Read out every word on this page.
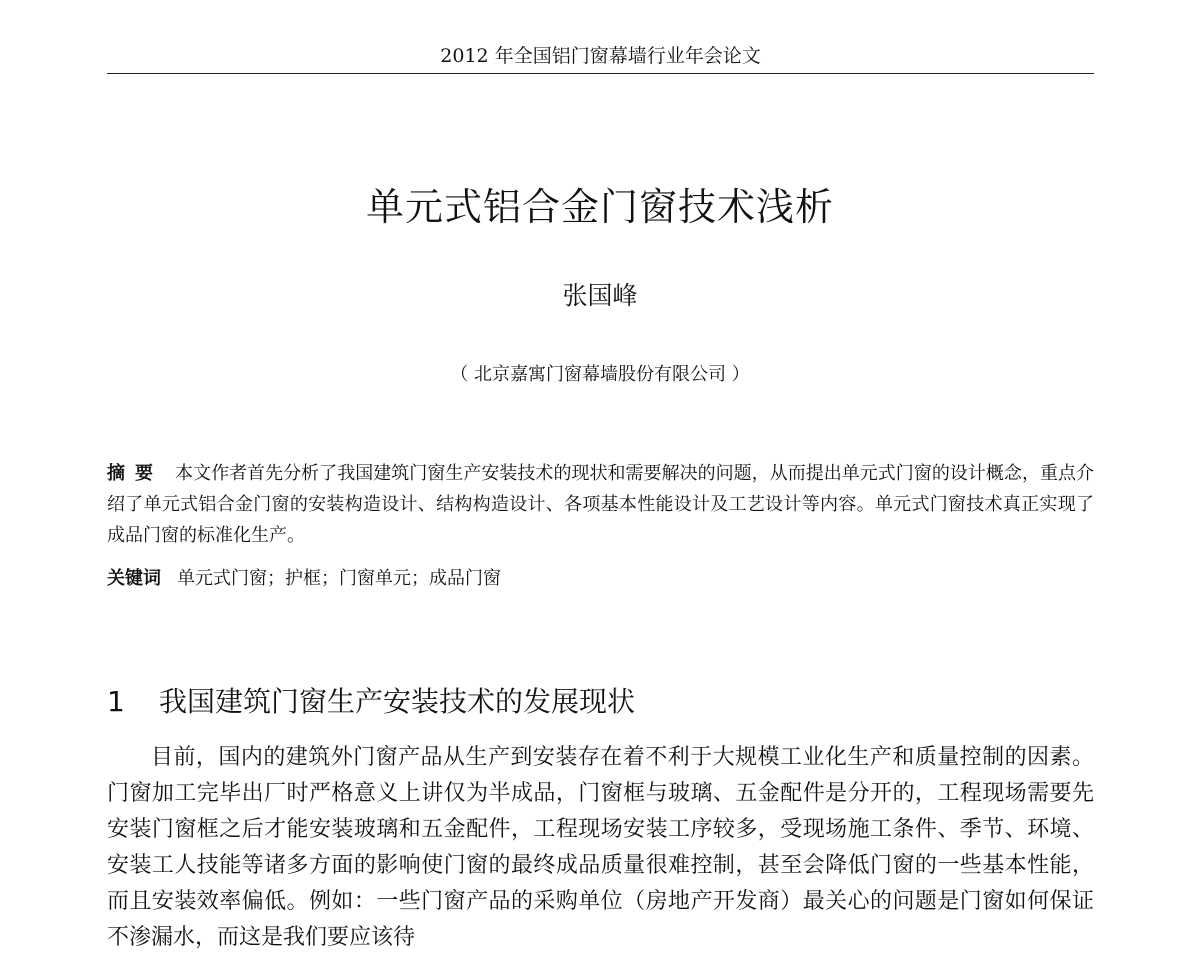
2012 年全国铝门窗幕墙行业年会论文
单元式铝合金门窗技术浅析
张国峰
（ 北京嘉寓门窗幕墙股份有限公司 ）
摘要 本文作者首先分析了我国建筑门窗生产安装技术的现状和需要解决的问题，从而提出单元式门窗的设计概念，重点介绍了单元式铝合金门窗的安装构造设计、结构构造设计、各项基本性能设计及工艺设计等内容。单元式门窗技术真正实现了成品门窗的标准化生产。
关键词 单元式门窗；护框；门窗单元；成品门窗
1 我国建筑门窗生产安装技术的发展现状
目前，国内的建筑外门窗产品从生产到安装存在着不利于大规模工业化生产和质量控制的因素。门窗加工完毕出厂时严格意义上讲仅为半成品，门窗框与玻璃、五金配件是分开的，工程现场需要先安装门窗框之后才能安装玻璃和五金配件，工程现场安装工序较多，受现场施工条件、季节、环境、安装工人技能等诸多方面的影响使门窗的最终成品质量很难控制，甚至会降低门窗的一些基本性能，而且安装效率偏低。例如：一些门窗产品的采购单位（房地产开发商）最关心的问题是门窗如何保证不渗漏水，而这是我们要应该待
